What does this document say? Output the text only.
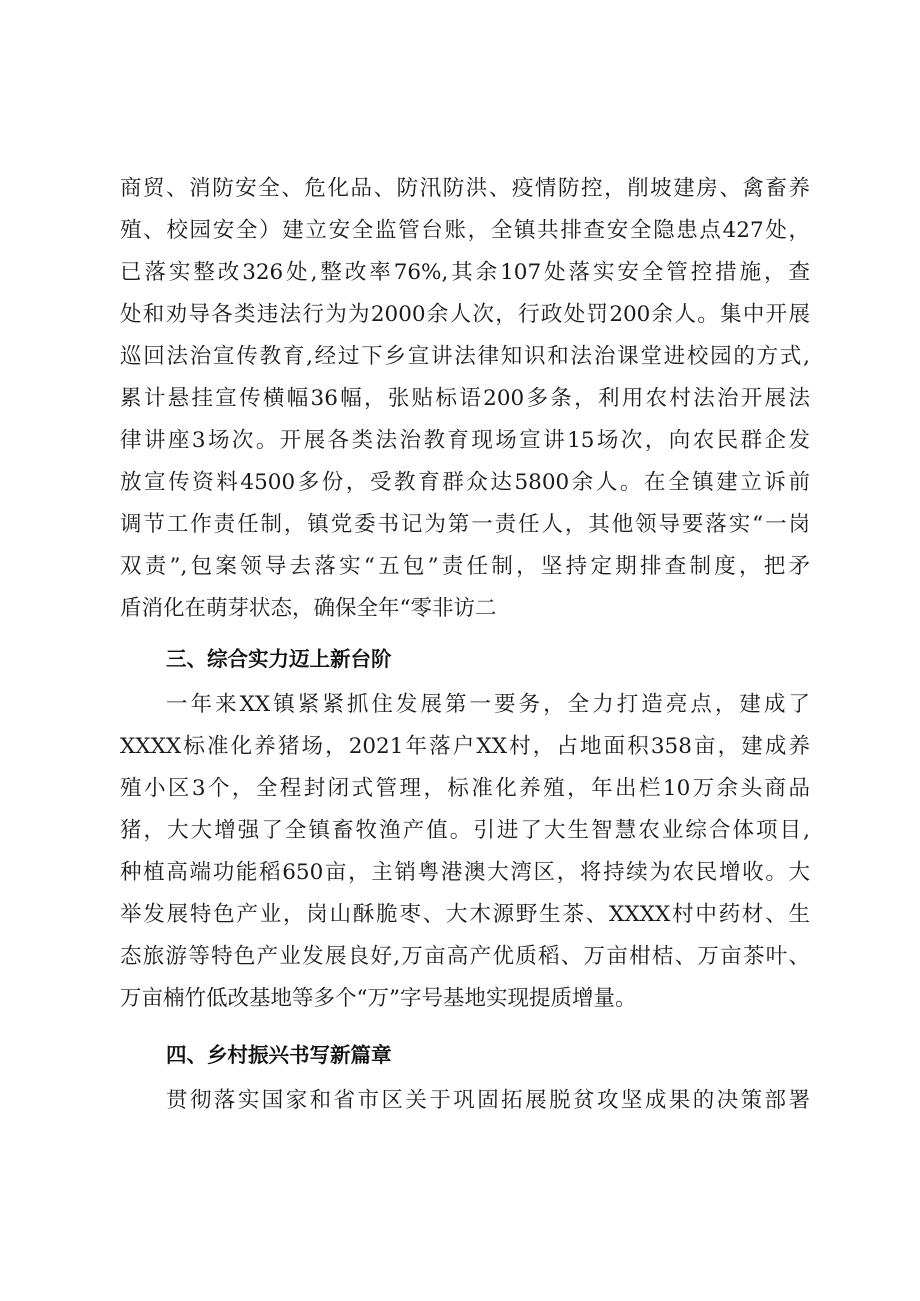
商贸、消防安全、危化品、防汛防洪、疫情防控，削坡建房、禽畜养
殖、校园安全）建立安全监管台账，全镇共排查安全隐患点427处，
已落实整改326处,整改率76%,其余107处落实安全管控措施，查
处和劝导各类违法行为为2000余人次，行政处罚200余人。集中开展
巡回法治宣传教育,经过下乡宣讲法律知识和法治课堂进校园的方式,
累计悬挂宣传横幅36幅，张贴标语200多条，利用农村法治开展法
律讲座3场次。开展各类法治教育现场宣讲15场次，向农民群企发
放宣传资料4500多份，受教育群众达5800余人。在全镇建立诉前
调节工作责任制，镇党委书记为第一责任人，其他领导要落实“一岗
双责”,包案领导去落实“五包”责任制，坚持定期排查制度，把矛
盾消化在萌芽状态，确保全年“零非访二
三、综合实力迈上新台阶
一年来XX镇紧紧抓住发展第一要务，全力打造亮点，建成了
XXXX标准化养猪场，2021年落户XX村，占地面积358亩，建成养
殖小区3个，全程封闭式管理，标准化养殖，年出栏10万余头商品
猪，大大增强了全镇畜牧渔产值。引进了大生智慧农业综合体项目,
种植高端功能稻650亩，主销粤港澳大湾区，将持续为农民增收。大
举发展特色产业，岗山酥脆枣、大木源野生茶、XXXX村中药材、生
态旅游等特色产业发展良好,万亩高产优质稻、万亩柑桔、万亩茶叶、
万亩楠竹低改基地等多个“万”字号基地实现提质增量。
四、乡村振兴书写新篇章
贯彻落实国家和省市区关于巩固拓展脱贫攻坚成果的决策部署
